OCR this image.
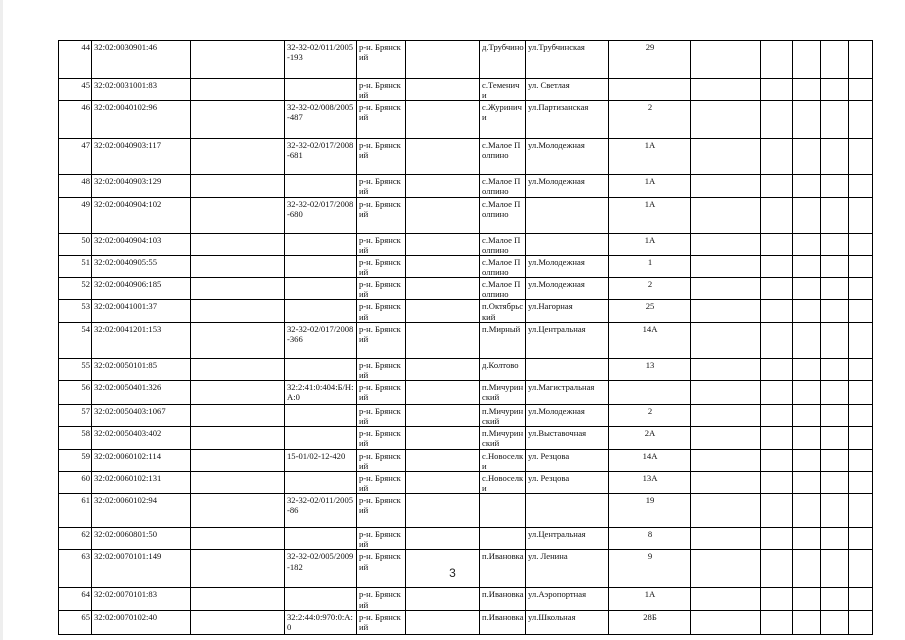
44	32:02:0030901:46		32-32-02/011/2005-193	р-н. Брянский		д.Трубчино	ул.Трубчинская	29					
45	32:02:0031001:83			р-н. Брянский		с.Теменичи	ул. Светлая						
46	32:02:0040102:96		32-32-02/008/2005-487	р-н. Брянский		с.Журиничи	ул.Партизанская	2					
47	32:02:0040903:117		32-32-02/017/2008-681	р-н. Брянский		с.Малое Полпино	ул.Молодежная	1А					
48	32:02:0040903:129			р-н. Брянский		с.Малое Полпино	ул.Молодежная	1А					
49	32:02:0040904:102		32-32-02/017/2008-680	р-н. Брянский		с.Малое Полпино		1А					
50	32:02:0040904:103			р-н. Брянский		с.Малое Полпино		1А					
51	32:02:0040905:55			р-н. Брянский		с.Малое Полпино	ул.Молодежная	1					
52	32:02:0040906:185			р-н. Брянский		с.Малое Полпино	ул.Молодежная	2					
53	32:02:0041001:37			р-н. Брянский		п.Октябрьский	ул.Нагорная	25					
54	32:02:0041201:153		32-32-02/017/2008-366	р-н. Брянский		п.Мирный	ул.Центральная	14А					
55	32:02:0050101:85			р-н. Брянский		д.Колтово		13					
56	32:02:0050401:326		32:2:41:0:404:Б/Н:А:0	р-н. Брянский		п.Мичуринский	ул.Магистральная						
57	32:02:0050403:1067			р-н. Брянский		п.Мичуринский	ул.Молодежная	2					
58	32:02:0050403:402			р-н. Брянский		п.Мичуринский	ул.Выставочная	2А					
59	32:02:0060102:114		15-01/02-12-420	р-н. Брянский		с.Новоселки	ул. Резцова	14А					
60	32:02:0060102:131			р-н. Брянский		с.Новоселки	ул. Резцова	13А					
61	32:02:0060102:94		32-32-02/011/2005-86	р-н. Брянский				19					
62	32:02:0060801:50			р-н. Брянский			ул.Центральная	8					
63	32:02:0070101:149		32-32-02/005/2009-182	р-н. Брянский		п.Ивановка	ул. Ленина	9					
64	32:02:0070101:83			р-н. Брянский		п.Ивановка	ул.Аэропортная	1А					
65	32:02:0070102:40		32:2:44:0:970:0:А:0	р-н. Брянский		п.Ивановка	ул.Школьная	28Б					
3
